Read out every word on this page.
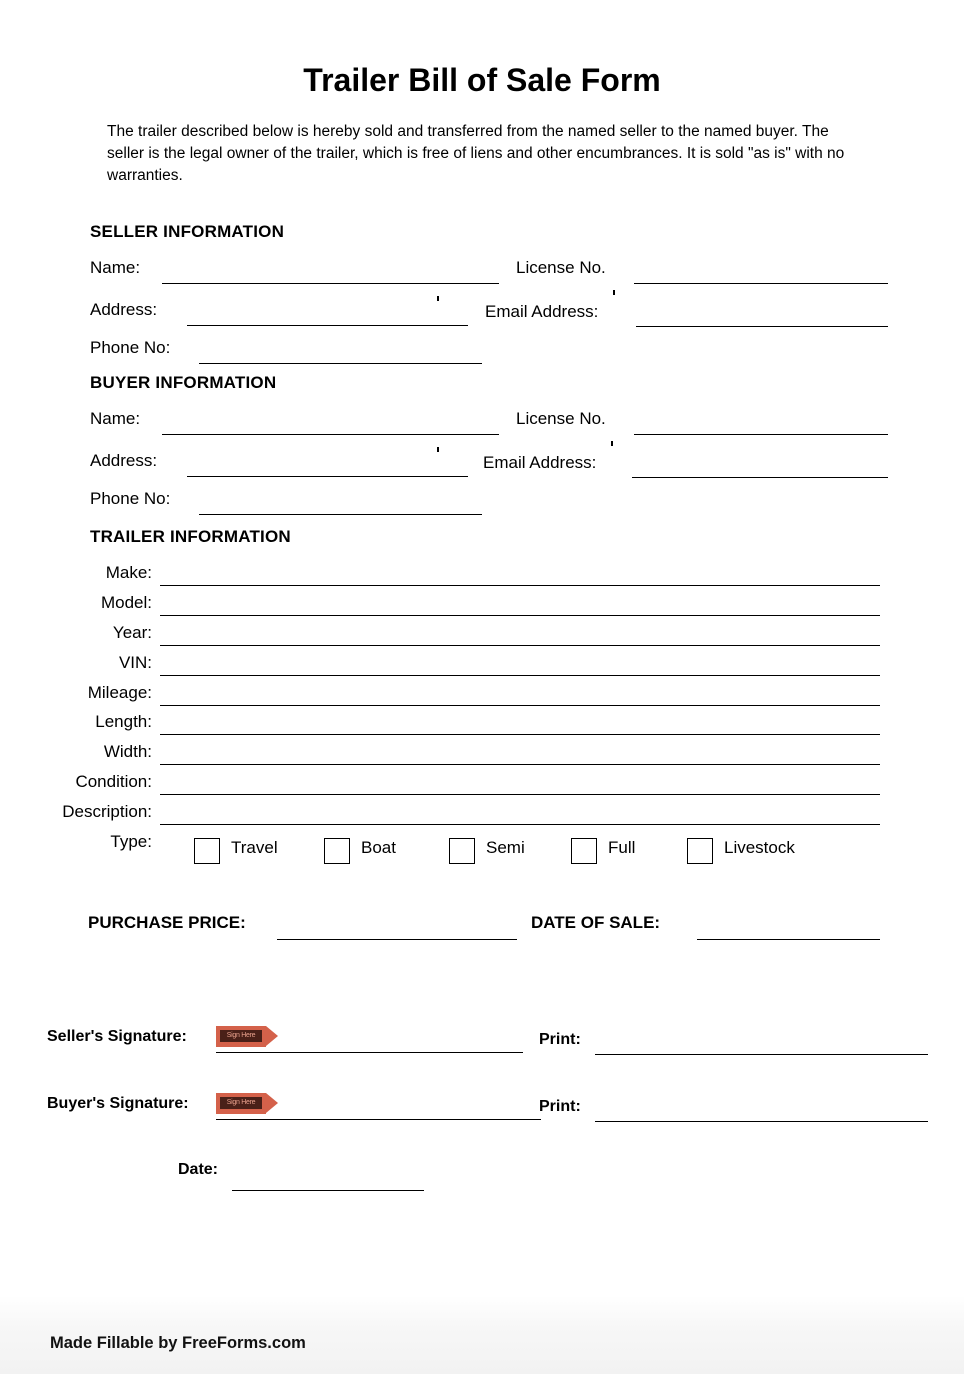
Trailer Bill of Sale Form
The trailer described below is hereby sold and transferred from the named seller to the named buyer. The seller is the legal owner of the trailer, which is free of liens and other encumbrances. It is sold "as is" with no warranties.
SELLER INFORMATION
Name:	License No.
Address:	Email Address:
Phone No:
BUYER INFORMATION
Name:	License No.
Address:	Email Address:
Phone No:
TRAILER INFORMATION
Make:
Model:
Year:
VIN:
Mileage:
Length:
Width:
Condition:
Description:
Type:	Travel	Boat	Semi	Full	Livestock
PURCHASE PRICE:	DATE OF SALE:
Seller's Signature:	Sign Here	Print:
Buyer's Signature:	Sign Here	Print:
Date:
Made Fillable by FreeForms.com
